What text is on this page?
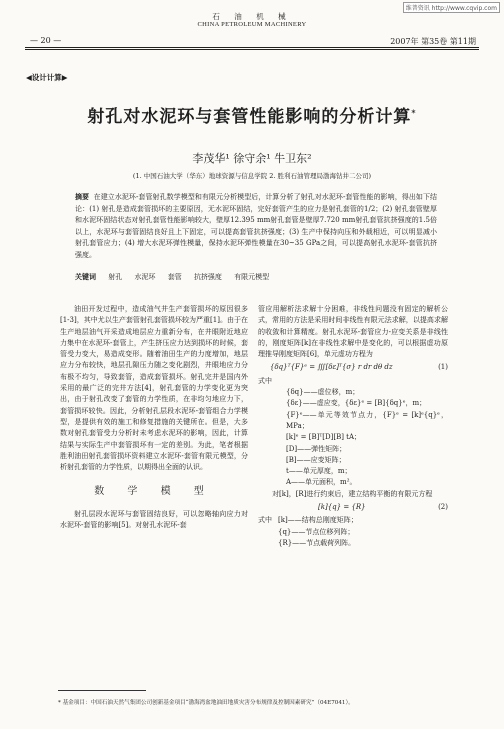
维普资讯 http://www.cqvip.com
石 油 机 械
CHINA PETROLEUM MACHINERY
— 20 —	2007年 第35卷 第11期
◀设计计算▶
射孔对水泥环与套管性能影响的分析计算*
李茂华¹ 徐守余¹ 牛卫东²
(1. 中国石油大学（华东）地球资源与信息学院 2. 胜利石油管理局渤海钻井二公司)
摘要 在建立水泥环-套管射孔数学模型和有限元分析模型后，计算分析了射孔对水泥环-套管性能的影响，得出如下结论：(1) 射孔是造成套管损坏的主要原因，无水泥环固结，完好套管产生的应力是射孔套管的1/2；(2) 射孔套管壁厚和水泥环固结状态对射孔套管性能影响较大，壁厚12.395 mm射孔套管是壁厚7.720 mm射孔套管抗挤强度的1.5倍以上，水泥环与套管固结良好且上下固定，可以提高套管抗挤强度；(3) 生产中保持向压和外载相近，可以明显减小射孔套管应力；(4) 增大水泥环弹性模量，保持水泥环弹性模量在30~35 GPa之间，可以提高射孔水泥环-套管抗挤强度。
关键词 射孔 水泥环 套管 抗挤强度 有限元模型
油田开发过程中，造成油气井生产套管损坏的原因很多[1-3]，其中尤以生产套管射孔套管损坏较为严重[1]。由于在生产地层油气开采造成地层应力重新分布，在井眼附近地应力集中在水泥环-套管上，产生挤压应力达到损坏的时候，套管受力变大，易造成变形。随着油田生产的力度增加，地层应力分布较快，地层孔隙压力随之变化剧烈，井眼地应力分布极不均匀，导致套管，造成套管损坏。射孔完井是国内外采用的最广泛的完井方法[4]，射孔套管的力学变化更为突出，由于射孔改变了套管的力学性质，在非均匀地应力下，套管损坏较快。因此，分析射孔层段水泥环-套管组合力学模型，是提供有效的施工和修复措施的关键所在。但是，大多数对射孔套管受力分析时未考虑水泥环的影响，因此，计算结果与实际生产中套管损坏有一定的差别。为此，笔者根据胜利油田射孔套管损坏资料建立水泥环-套管有限元模型，分析射孔套管的力学性质，以期得出全面的认识。
数 学 模 型
射孔层段水泥环与套管固结良好，可以忽略轴向应力对水泥环-套管的影响[5]。对射孔水泥环-套
管应用解析法求解十分困难，非线性问题没有固定的解析公式，常用的方法是采用时间非线性有限元法求解，以提高求解的收敛和计算精度。射孔水泥环-套管应力-应变关系是非线性的，刚度矩阵[k]在非线性求解中是变化的，可以根据虚功原理推导刚度矩阵[6]，单元虚功方程为
{δq}ᵀ{F}ᵉ = ∭[δε]ᵀ{σ} r dr dθ dz	(1)
式中
{δq}——虚位移，m；
{δε}——虚应变，{δε}ᵉ = [B]{δq}ᵉ，m；
{F}ᵉ——单元等效节点力，{F}ᵉ = [k]ᵉ{q}ᵉ，MPa；
[k]ᵉ = [B]ᵀ[D][B] tA；
[D]——弹性矩阵；
[B]——应变矩阵；
t——单元厚度，m；
A——单元面积，m²。
对[k]，[R]进行约束后，建立结构平衡的有限元方程
[k]{q} = {R}	(2)
式中 [k]——结构总刚度矩阵；
{q}——节点位移列阵；
{R}——节点载荷列阵。
* 基金项目：中国石油天然气集团公司创新基金项目“渤海湾盆地油田地质灾害分布规律及控制因素研究”（04E7041）。
